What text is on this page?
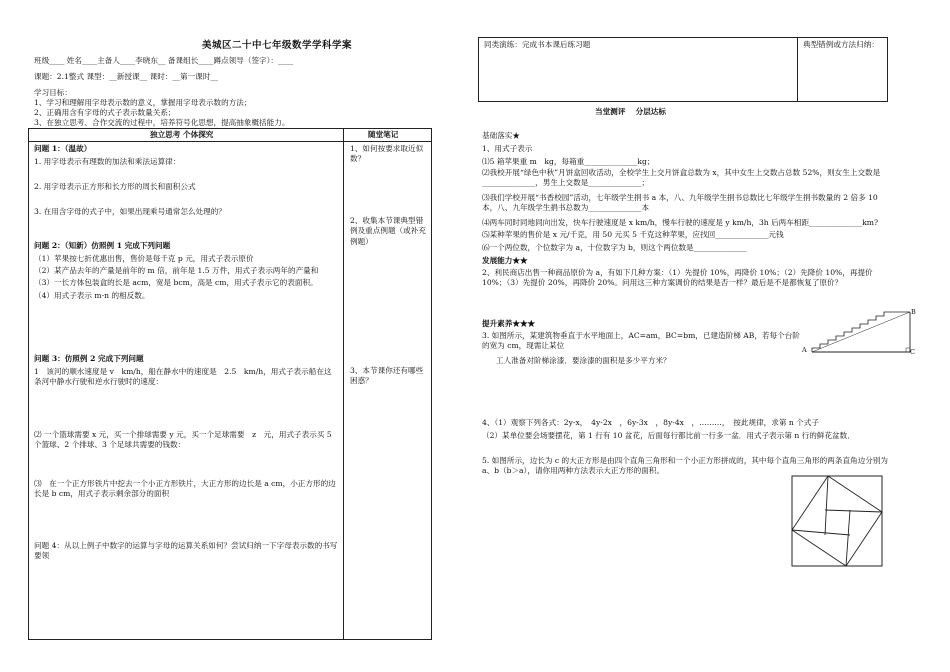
美城区二十中七年级数学学科学案
班级____ 姓名____主备人____李晓东__ 备课组长____蹲点领导（签字）：____
课题：2.1整式 课型：__新授课__ 课时：__第一课时__
学习目标：
1、学习和理解用字母表示数的意义，掌握用字母表示数的方法；
2、正确用含有字母的式子表示数量关系；
3、在独立思考、合作交流的过程中，培养符号化思想，提高抽象概括能力。
独立思考 个体探究	随堂笔记
问题 1：（温故）
1. 用字母表示有理数的加法和乘法运算律：
2. 用字母表示正方形和长方形的周长和面积公式
3. 在用含字母的式子中，如果出现乘号通常怎么处理的？
问题 2：（知新）仿照例 1 完成下列问题
（1）苹果按七折优惠出售，售价是每千克 p 元，用式子表示原价
（2）某产品去年的产量是前年的 m 倍，前年是 1.5 万件，用式子表示两年的产量和
（3）一长方体包装盒的长是 acm，宽是 bcm，高是 cm，用式子表示它的表面积。
（4）用式子表示 m-n 的相反数。
问题 3：仿照例 2 完成下列问题
1　该河的顺水速度是 v　km/h，船在静水中的速度是　2.5　km/h，用式子表示船在这条河中静水行驶和逆水行驶时的速度：
⑵ 一个篮球需要 x 元，买一个排球需要 y 元，买一个足球需要　z　元，用式子表示买 5 个篮球、2 个排球、3 个足球共需要的钱数：
⑶　在一个正方形铁片中挖去一个小正方形铁片，大正方形的边长是 a cm，小正方形的边长是 b cm，用式子表示剩余部分的面积
问题 4：从以上例子中数字的运算与字母的运算关系如何？尝试归纳一下字母表示数的书写要领
1、如何按要求取近似数？
2、收集本节课典型错例及重点例题（或补充例题）
3、本节课你还有哪些困惑？
同类演练：完成书本课后练习题	典型错例或方法归纳：
当堂测评　 分层达标
基础落实★
1、用式子表示
⑴5 箱苹果重 m　kg，每箱重______________kg；
⑵我校开展“绿色中秋”月饼盒回收活动，全校学生上交月饼盒总数为 x，其中女生上交数占总数 52%，则女生上交数是______________，男生上交数是______________；
⑶我们学校开展“书香校园”活动，七年级学生捐书 a 本，八、九年级学生捐书总数比七年级学生捐书数量的 2 倍多 10 本，八、九年级学生捐书总数为______________本
⑷两车同时同地同向出发，快车行驶速度是 x km/h，慢车行驶的速度是 y km/h，3h 后两车相距______________km?
⑸某种苹果的售价是 x 元/千克，用 50 元买 5 千克这种苹果，应找回______________元钱
⑹一个两位数，个位数字为 a，十位数字为 b，则这个两位数是______________
发展能力★★
2、利民商店出售一种商品原价为 a，有如下几种方案：（1）先提价 10%，再降价 10%；（2）先降价 10%，再提价 10%；（3）先提价 20%，再降价 20%。问用这三种方案调价的结果是否一样？最后是不是都恢复了原价？
提升素养★★★
3. 如图所示，某建筑物垂直于水平地面上，AC=am，BC=bm，已建造阶梯 AB，若每个台阶的宽为 cm，现需让某位
工人准备对阶梯涂漆．要涂漆的面积是多少平方米？
A
B
C
4、（1）观察下列各式：2y-x，　4y-2x　，6y-3x　，8y-4x　，………，　按此规律，求第 n 个式子
（2）某单位要会场要摆花，第 1 行有 10 盆花，后面每行都比前一行多一盆．用式子表示第 n 行的鲜花盆数．
5. 如图所示，边长为 c 的大正方形是由四个直角三角形和一个小正方形拼成的，其中每个直角三角形的两条直角边分别为 a、b（b＞a），请你用两种方法表示大正方形的面积。
